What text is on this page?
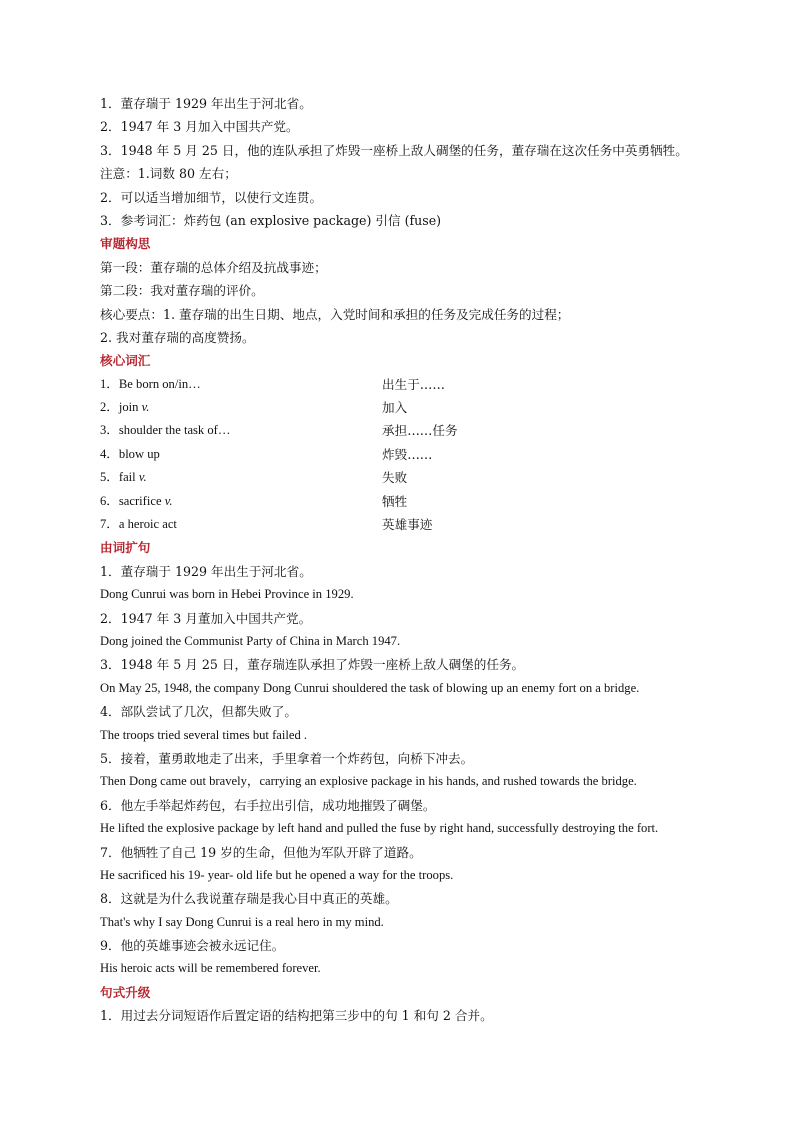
1．董存瑞于 1929 年出生于河北省。
2．1947 年 3 月加入中国共产党。
3．1948 年 5 月 25 日，他的连队承担了炸毁一座桥上敌人碉堡的任务，董存瑞在这次任务中英勇牺牲。
注意：1.词数 80 左右；
2．可以适当增加细节，以使行文连贯。
3．参考词汇：炸药包 (an explosive package) 引信 (fuse)
审题构思
第一段：董存瑞的总体介绍及抗战事迹；
第二段：我对董存瑞的评价。
核心要点：1. 董存瑞的出生日期、地点，入党时间和承担的任务及完成任务的过程；
2. 我对董存瑞的高度赞扬。
核心词汇
1．Be born on/in…	出生于……
2．join v.	加入
3．shoulder the task of…	承担……任务
4．blow up	炸毁……
5．fail v.	失败
6．sacrifice v.	牺牲
7．a heroic act	英雄事迹
由词扩句
1．董存瑞于 1929 年出生于河北省。
Dong Cunrui was born in Hebei Province in 1929.
2．1947 年 3 月董加入中国共产党。
Dong joined the Communist Party of China in March 1947.
3．1948 年 5 月 25 日，董存瑞连队承担了炸毁一座桥上敌人碉堡的任务。
On May 25, 1948, the company Dong Cunrui shouldered the task of blowing up an enemy fort on a bridge.
4．部队尝试了几次，但都失败了。
The troops tried several times but failed .
5．接着，董勇敢地走了出来，手里拿着一个炸药包，向桥下冲去。
Then Dong came out bravely，carrying an explosive package in his hands, and rushed towards the bridge.
6．他左手举起炸药包，右手拉出引信，成功地摧毁了碉堡。
He lifted the explosive package by left hand and pulled the fuse by right hand, successfully destroying the fort.
7．他牺牲了自己 19 岁的生命，但他为军队开辟了道路。
He sacrificed his 19- year- old life but he opened a way for the troops.
8．这就是为什么我说董存瑞是我心目中真正的英雄。
That's why I say Dong Cunrui is a real hero in my mind.
9．他的英雄事迹会被永远记住。
His heroic acts will be remembered forever.
句式升级
1．用过去分词短语作后置定语的结构把第三步中的句 1 和句 2 合并。
